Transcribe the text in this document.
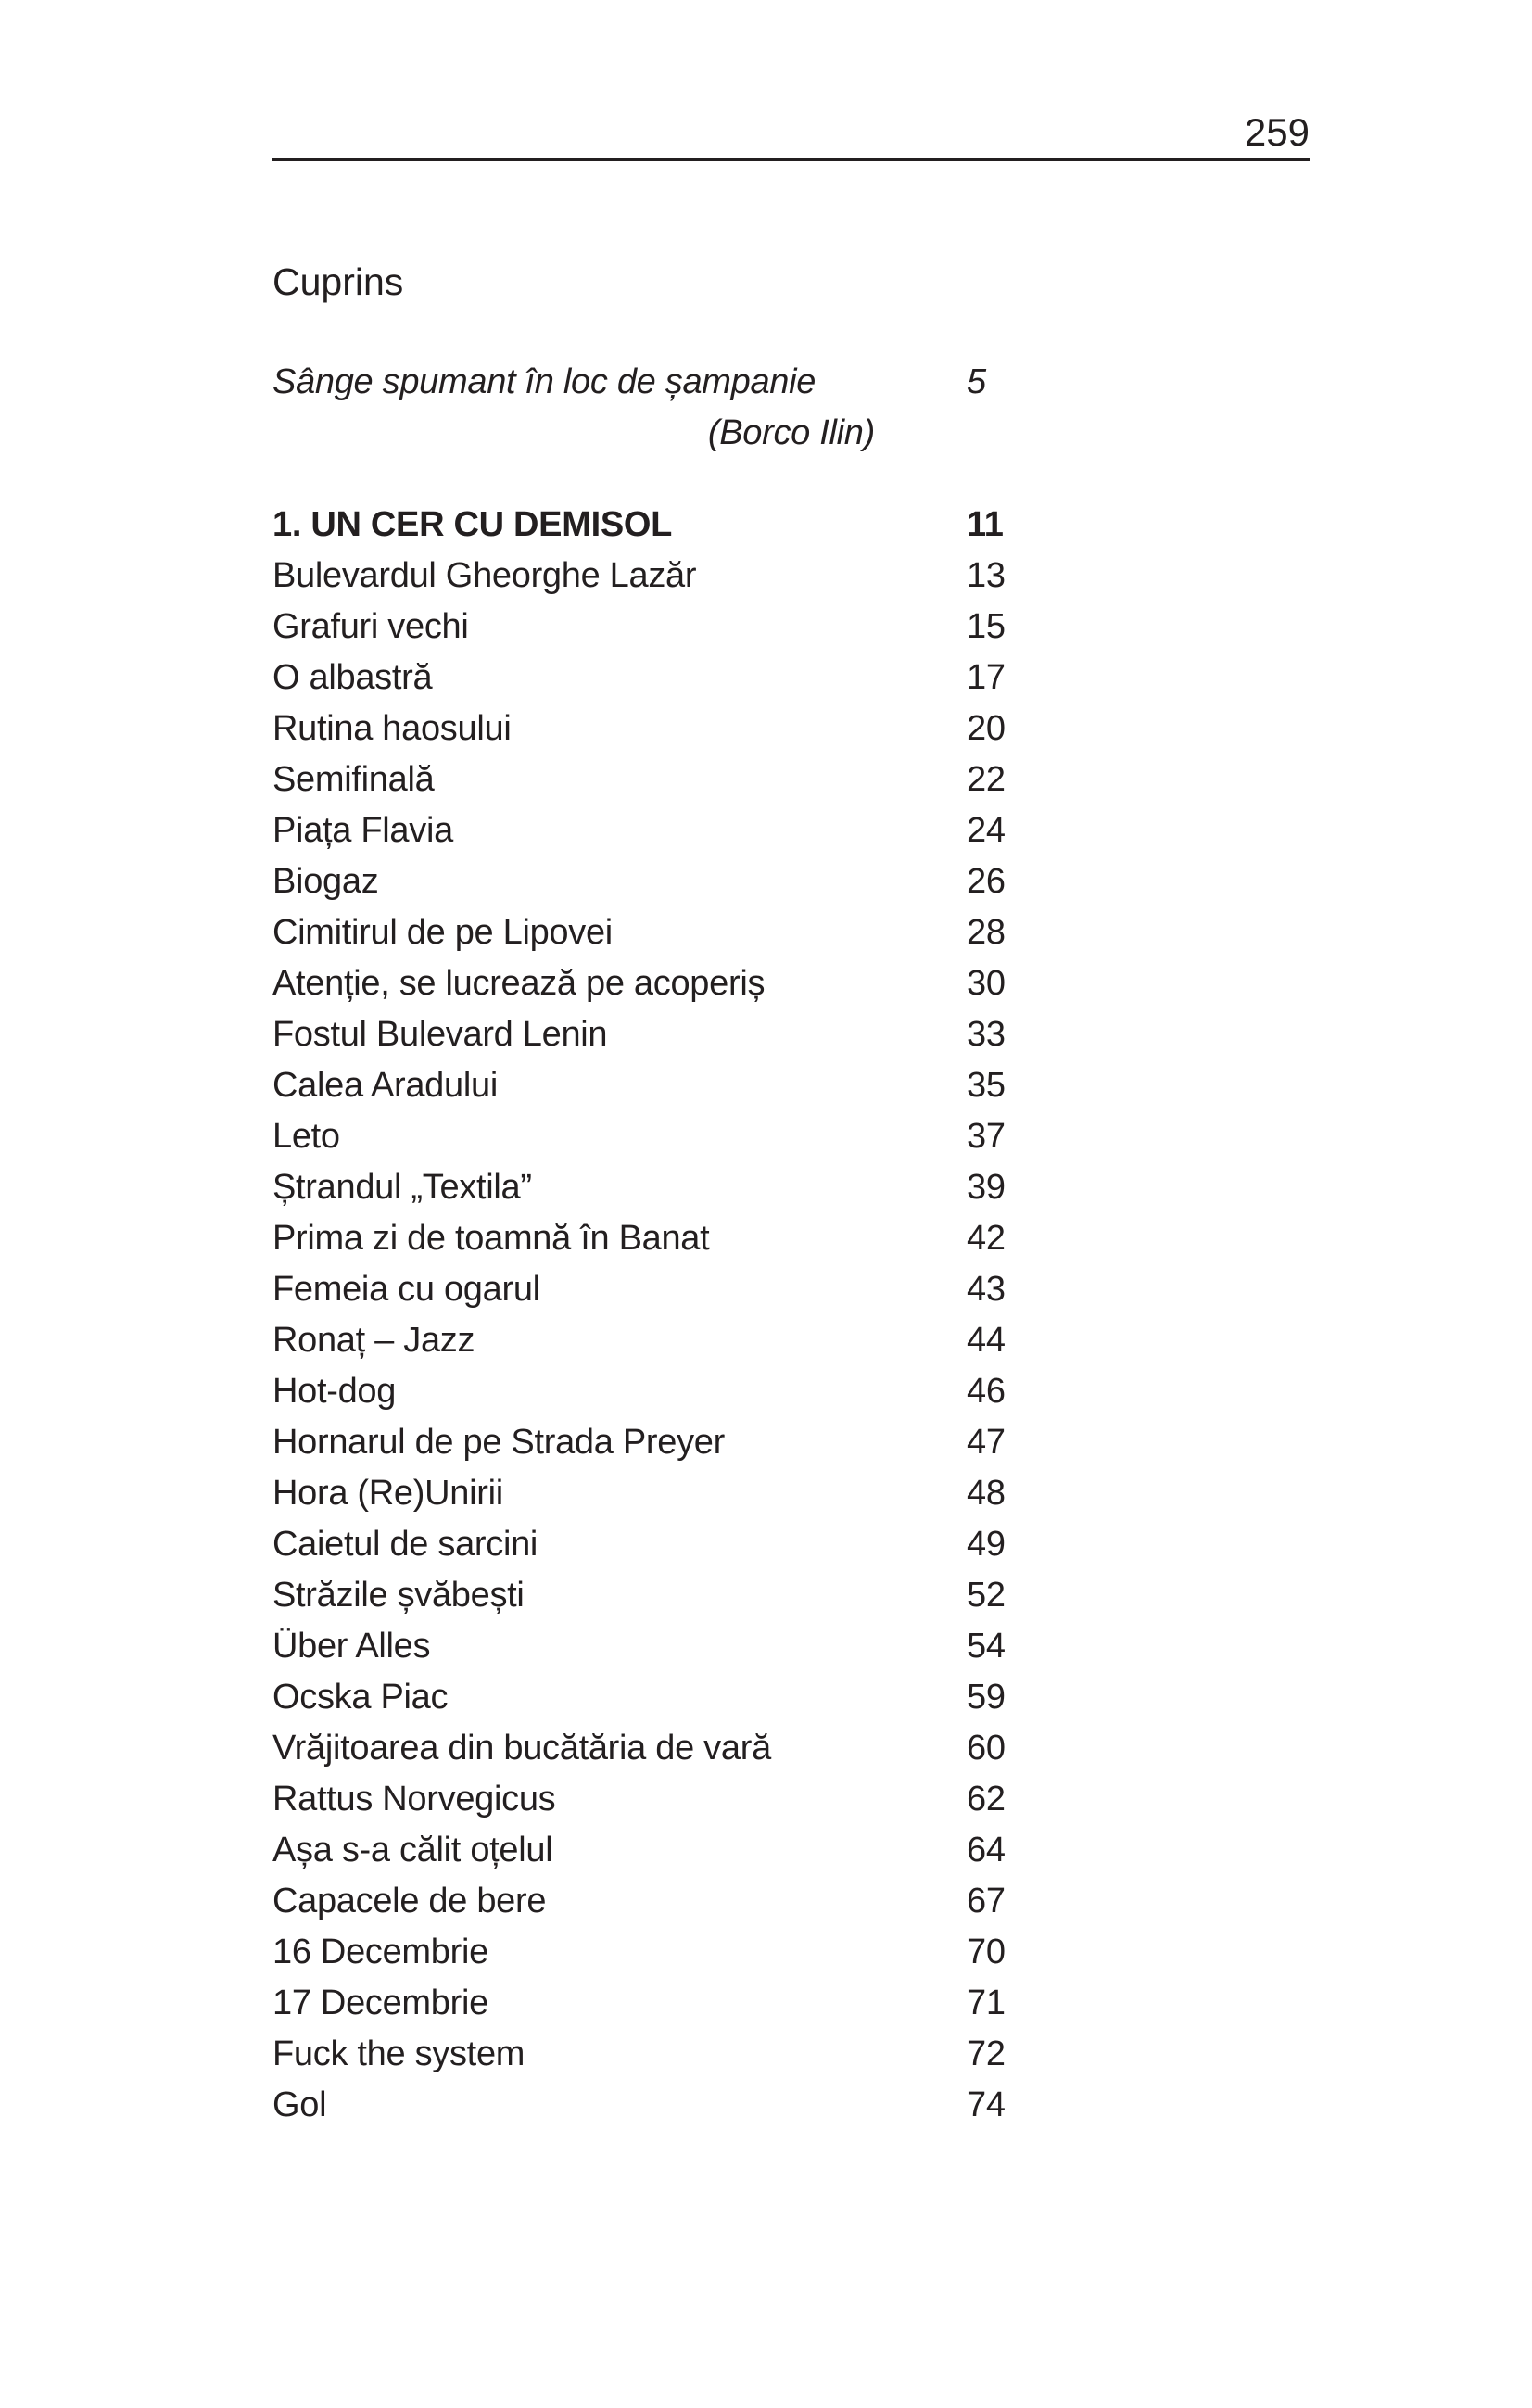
259
Cuprins
Sânge spumant în loc de șampanie	5
(Borco Ilin)
1. UN CER CU DEMISOL	11
Bulevardul Gheorghe Lazăr	13
Grafuri vechi	15
O albastră	17
Rutina haosului	20
Semifinală	22
Piața Flavia	24
Biogaz	26
Cimitirul de pe Lipovei	28
Atenție, se lucrează pe acoperiș	30
Fostul Bulevard Lenin	33
Calea Aradului	35
Leto	37
Ștrandul „Textila”	39
Prima zi de toamnă în Banat	42
Femeia cu ogarul	43
Ronaț – Jazz	44
Hot-dog	46
Hornarul de pe Strada Preyer	47
Hora (Re)Unirii	48
Caietul de sarcini	49
Străzile șvăbești	52
Über Alles	54
Ocska Piac	59
Vrăjitoarea din bucătăria de vară	60
Rattus Norvegicus	62
Așa s-a călit oțelul	64
Capacele de bere	67
16 Decembrie	70
17 Decembrie	71
Fuck the system	72
Gol	74
